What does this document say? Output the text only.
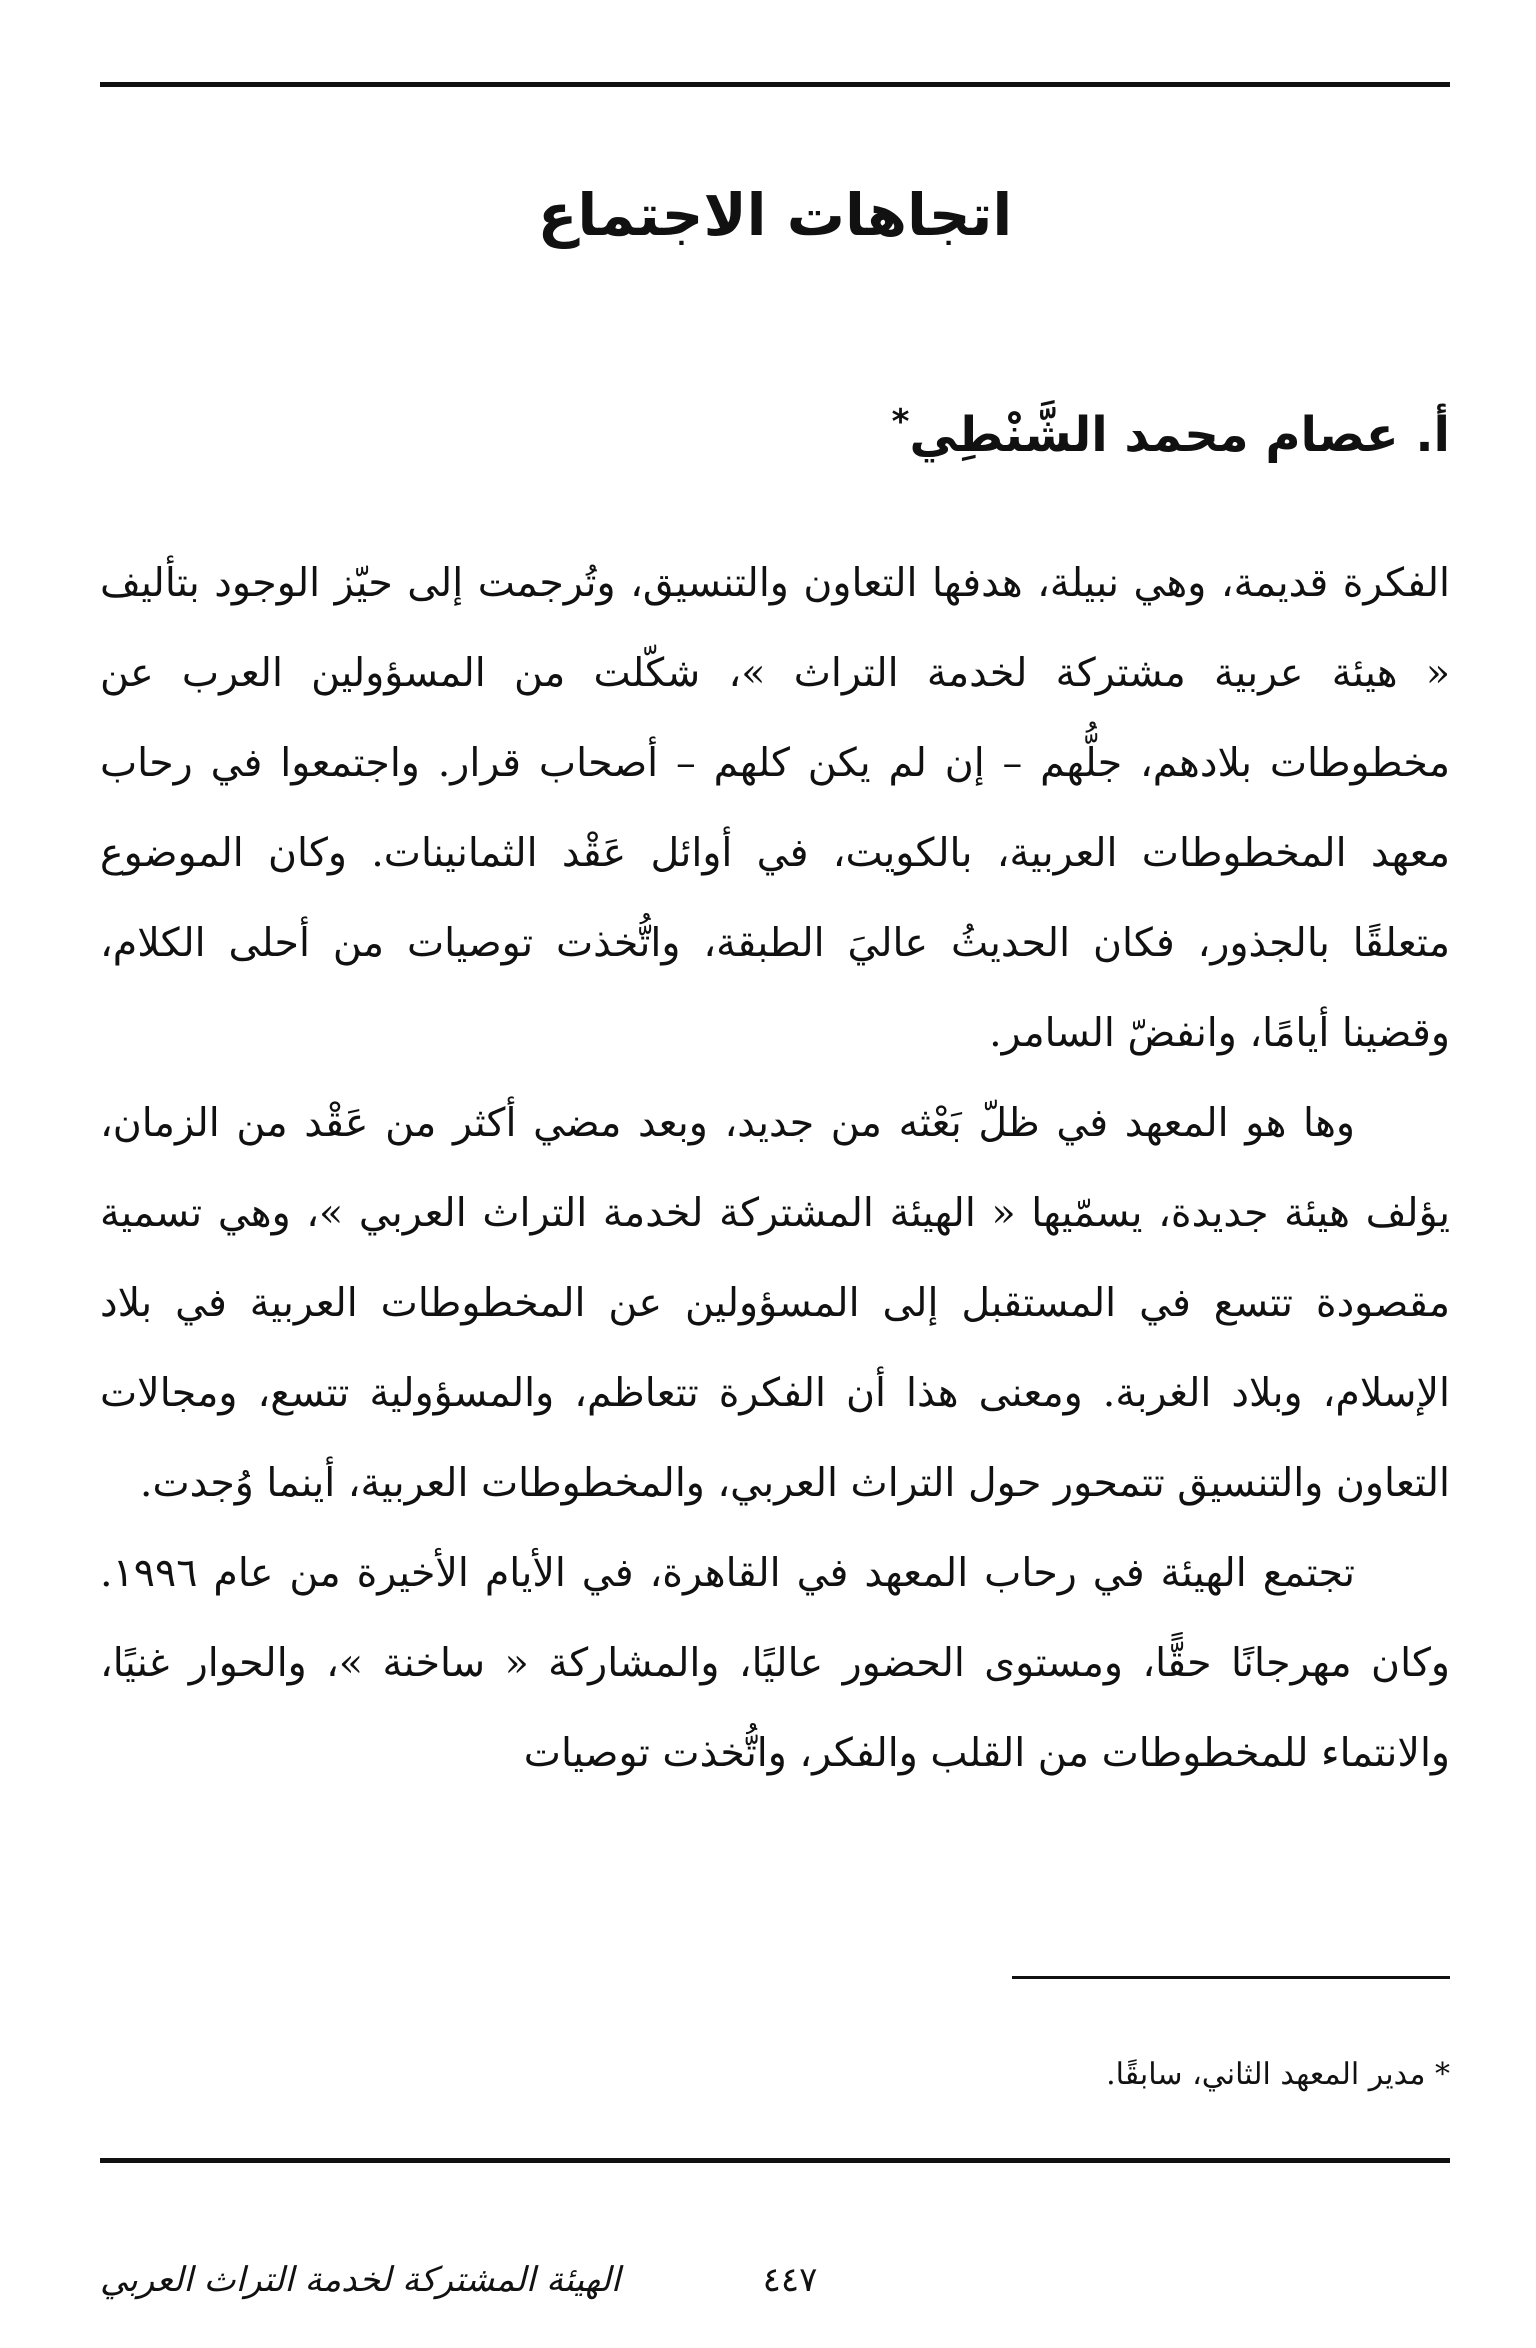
اتجاهات الاجتماع
أ. عصام محمد الشَّنْطِي*

الفكرة قديمة، وهي نبيلة، هدفها التعاون والتنسيق، وتُرجمت إلى حيّز الوجود بتأليف « هيئة عربية مشتركة لخدمة التراث »، شكّلت من المسؤولين العرب عن مخطوطات بلادهم، جلُّهم – إن لم يكن كلهم – أصحاب قرار. واجتمعوا في رحاب معهد المخطوطات العربية، بالكويت، في أوائل عَقْد الثمانينات. وكان الموضوع متعلقًا بالجذور، فكان الحديثُ عاليَ الطبقة، واتُّخذت توصيات من أحلى الكلام، وقضينا أيامًا، وانفضّ السامر.

وها هو المعهد في ظلّ بَعْثه من جديد، وبعد مضي أكثر من عَقْد من الزمان، يؤلف هيئة جديدة، يسمّيها « الهيئة المشتركة لخدمة التراث العربي »، وهي تسمية مقصودة تتسع في المستقبل إلى المسؤولين عن المخطوطات العربية في بلاد الإسلام، وبلاد الغربة. ومعنى هذا أن الفكرة تتعاظم، والمسؤولية تتسع، ومجالات التعاون والتنسيق تتمحور حول التراث العربي، والمخطوطات العربية، أينما وُجدت.

تجتمع الهيئة في رحاب المعهد في القاهرة، في الأيام الأخيرة من عام ١٩٩٦. وكان مهرجانًا حقًّا، ومستوى الحضور عاليًا، والمشاركة « ساخنة »، والحوار غنيًا، والانتماء للمخطوطات من القلب والفكر، واتُّخذت توصيات

* مدير المعهد الثاني، سابقًا.
٤٤٧
الهيئة المشتركة لخدمة التراث العربي
